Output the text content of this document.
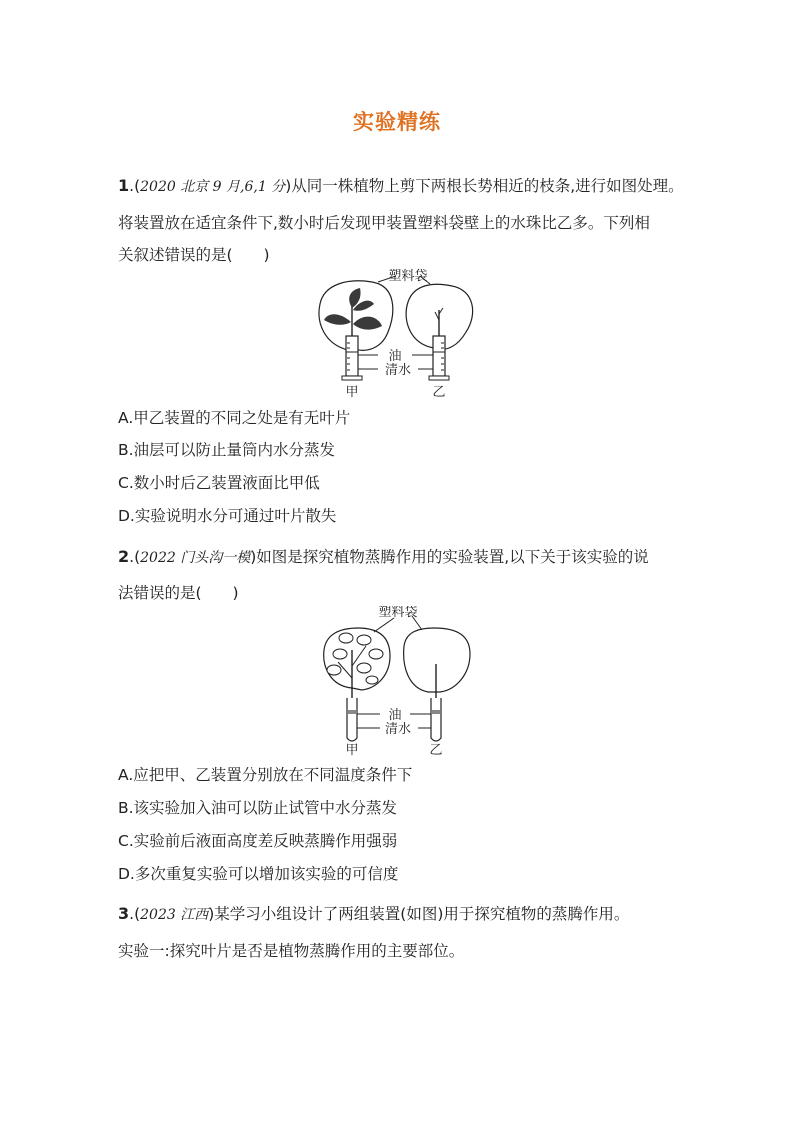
实验精练
1.(2020 北京 9 月,6,1 分)从同一株植物上剪下两根长势相近的枝条,进行如图处理。
将装置放在适宜条件下,数小时后发现甲装置塑料袋壁上的水珠比乙多。下列相
关叙述错误的是(　　)
塑料袋
油
清水
甲	乙
A.甲乙装置的不同之处是有无叶片
B.油层可以防止量筒内水分蒸发
C.数小时后乙装置液面比甲低
D.实验说明水分可通过叶片散失
2.(2022 门头沟一模)如图是探究植物蒸腾作用的实验装置,以下关于该实验的说
法错误的是(　　)
塑料袋
油
清水
甲	乙
A.应把甲、乙装置分别放在不同温度条件下
B.该实验加入油可以防止试管中水分蒸发
C.实验前后液面高度差反映蒸腾作用强弱
D.多次重复实验可以增加该实验的可信度
3.(2023 江西)某学习小组设计了两组装置(如图)用于探究植物的蒸腾作用。
实验一:探究叶片是否是植物蒸腾作用的主要部位。
